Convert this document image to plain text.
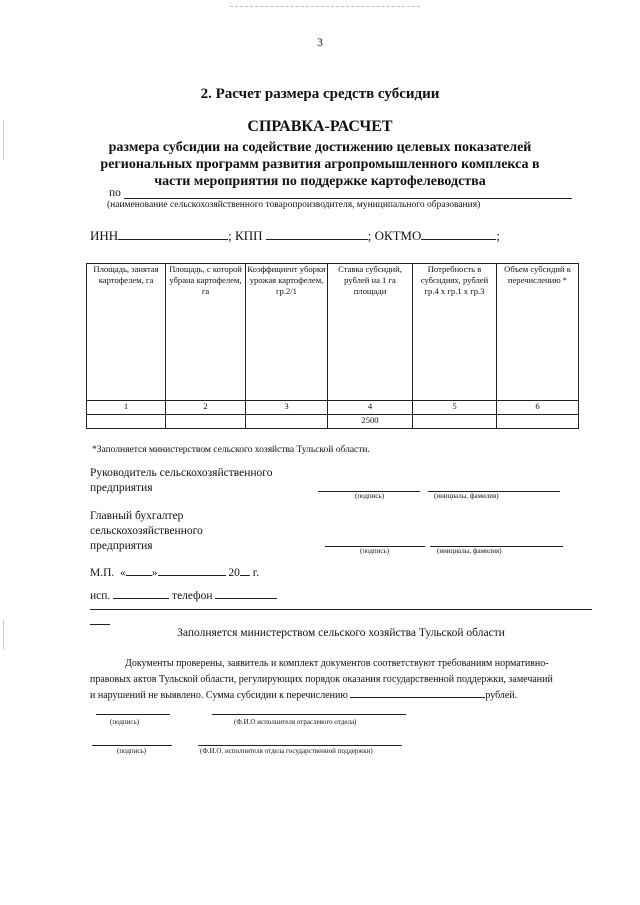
3
2. Расчет размера средств субсидии
СПРАВКА-РАСЧЕТ
размера субсидии на содействие достижению целевых показателей
региональных программ развития агропромышленного комплекса в
части мероприятия по поддержке картофелеводства
по
(наименование сельскохозяйственного товаропроизводителя, муниципального образования)
ИНН	; КПП	; ОКТМО	;
Площадь, занятая картофелем, га	Площадь, с которой убрана картофелем, га	Коэффициент уборки урожая картофелем, гр.2/1	Ставка субсидий, рублей на 1 га площади	Потребность в субсидиях, рублей гр.4 х гр.1 х гр.3	Объем субсидий к перечислению *
1	2	3	4	5	6
			2500		
*Заполняется министерством сельского хозяйства Тульской области.
Руководитель сельскохозяйственного
предприятия
(подпись)	(инициалы, фамилия)
Главный бухгалтер
сельскохозяйственного
предприятия	(подпись)	(инициалы, фамилия)
М.П. « »	20 г.
исп.	телефон
Заполняется министерством сельского хозяйства Тульской области
Документы проверены, заявитель и комплект документов соответствуют требованиям нормативно-
правовых актов Тульской области, регулирующих порядок оказания государственной поддержки, замечаний
и нарушений не выявлено. Сумма субсидии к перечислению	рублей.
(подпись)	(Ф.И.О исполнителя отраслевого отдела)
(подпись)	(Ф.И.О. исполнителя отдела государственной поддержки)
